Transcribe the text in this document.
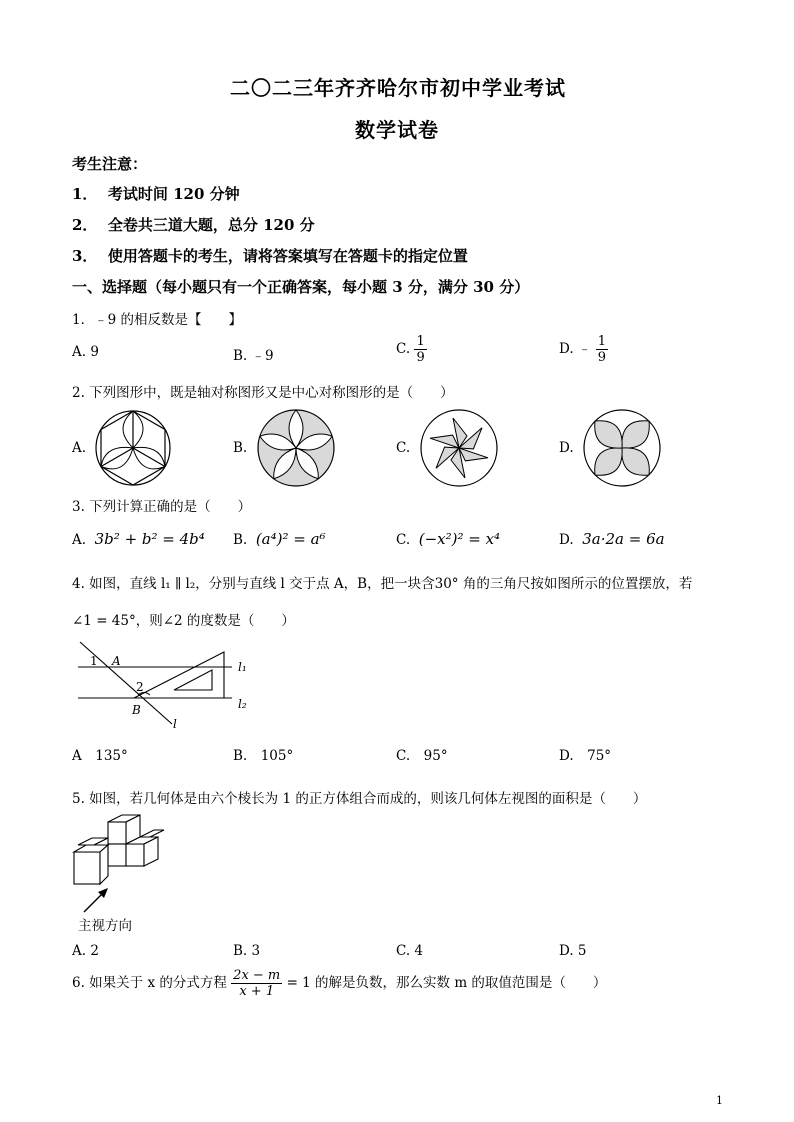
二〇二三年齐齐哈尔市初中学业考试
数学试卷
考生注意：
1． 考试时间 120 分钟
2． 全卷共三道大题，总分 120 分
3． 使用答题卡的考生，请将答案填写在答题卡的指定位置
一、选择题（每小题只有一个正确答案，每小题 3 分，满分 30 分）
1．﹣9 的相反数是【　　】
A. 9	B. ﹣9	C. $\frac{1}{9}$	D. ﹣ $\frac{1}{9}$
2. 下列图形中，既是轴对称图形又是中心对称图形的是（　　）
A.	B.	C.	D.
3. 下列计算正确的是（　　）
A. 3b² + b² = 4b⁴ B. (a⁴)² = a⁶	C. (−x²)² = x⁴	D. 3a·2a = 6a
4. 如图，直线 l₁ ∥ l₂，分别与直线 l 交于点 A，B，把一块含30° 角的三角尺按如图所示的位置摆放，若
∠1 = 45°，则∠2 的度数是（　　）
1 A
2
B
l
l₁
l₂
A　135°	B.　105°	C.　95°	D.　75°
5. 如图，若几何体是由六个棱长为 1 的正方体组合而成的，则该几何体左视图的面积是（　　）
主视方向
A. 2	B. 3	C. 4	D. 5
6. 如果关于 x 的分式方程 $\frac{2x - m}{x + 1} = 1$ 的解是负数，那么实数 m 的取值范围是（　　）
1
